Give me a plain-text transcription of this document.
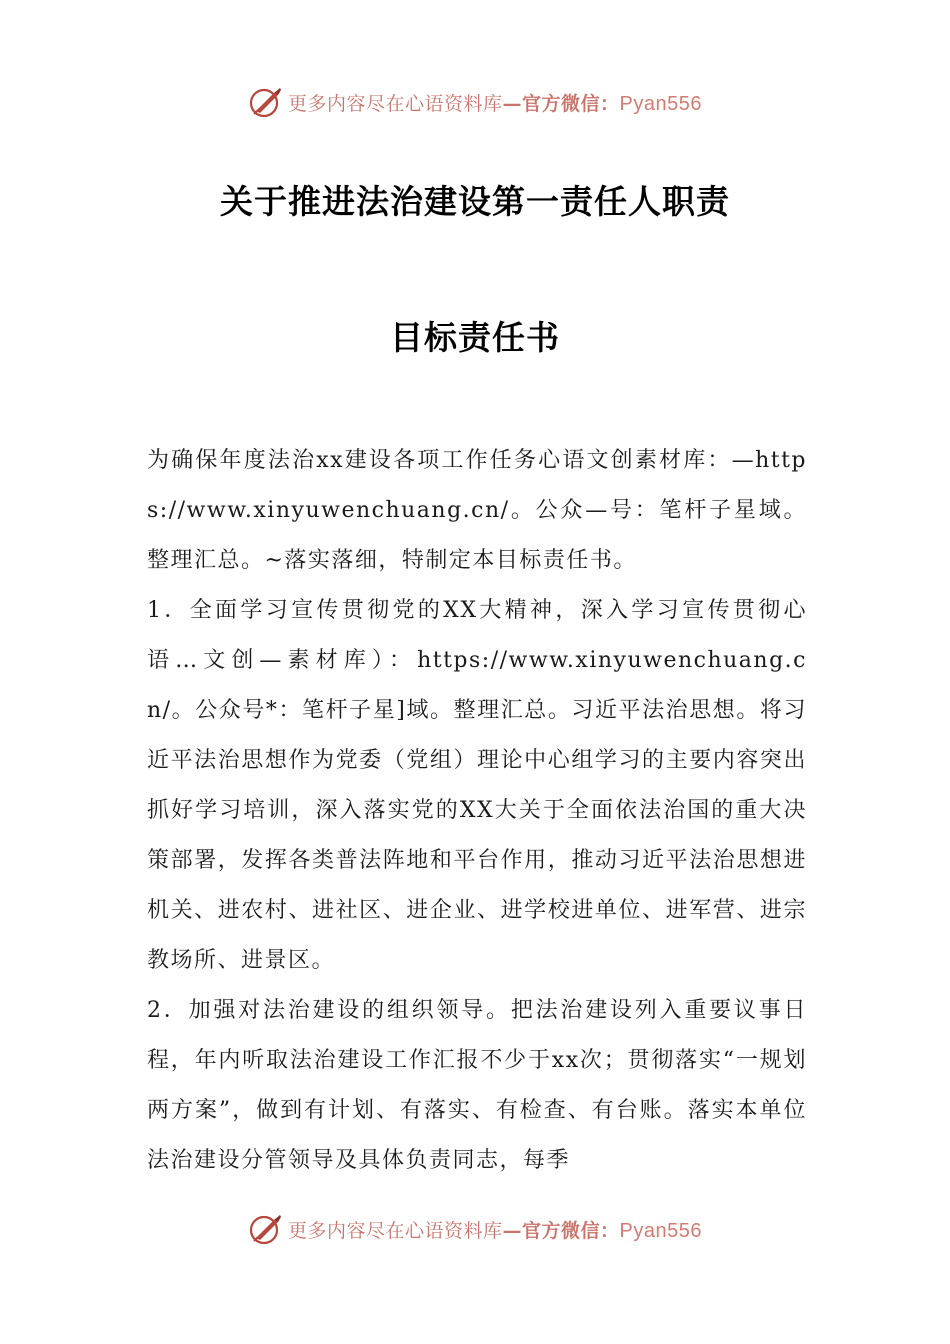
更多内容尽在心语资料库—官方微信：Pyan556
关于推进法治建设第一责任人职责
目标责任书

为确保年度法治xx建设各项工作任务心语文创素材库：—https://www.xinyuwenchuang.cn/。公众—号：笔杆子星域。整理汇总。~落实落细，特制定本目标责任书。

1．全面学习宣传贯彻党的XX大精神，深入学习宣传贯彻心语…文创—素材库）：https://www.xinyuwenchuang.cn/。公众号*：笔杆子星]域。整理汇总。习近平法治思想。将习近平法治思想作为党委（党组）理论中心组学习的主要内容突出抓好学习培训，深入落实党的XX大关于全面依法治国的重大决策部署，发挥各类普法阵地和平台作用，推动习近平法治思想进机关、进农村、进社区、进企业、进学校进单位、进军营、进宗教场所、进景区。

2．加强对法治建设的组织领导。把法治建设列入重要议事日程，年内听取法治建设工作汇报不少于xx次；贯彻落实“一规划两方案”，做到有计划、有落实、有检查、有台账。落实本单位法治建设分管领导及具体负责同志，每季

更多内容尽在心语资料库—官方微信：Pyan556
